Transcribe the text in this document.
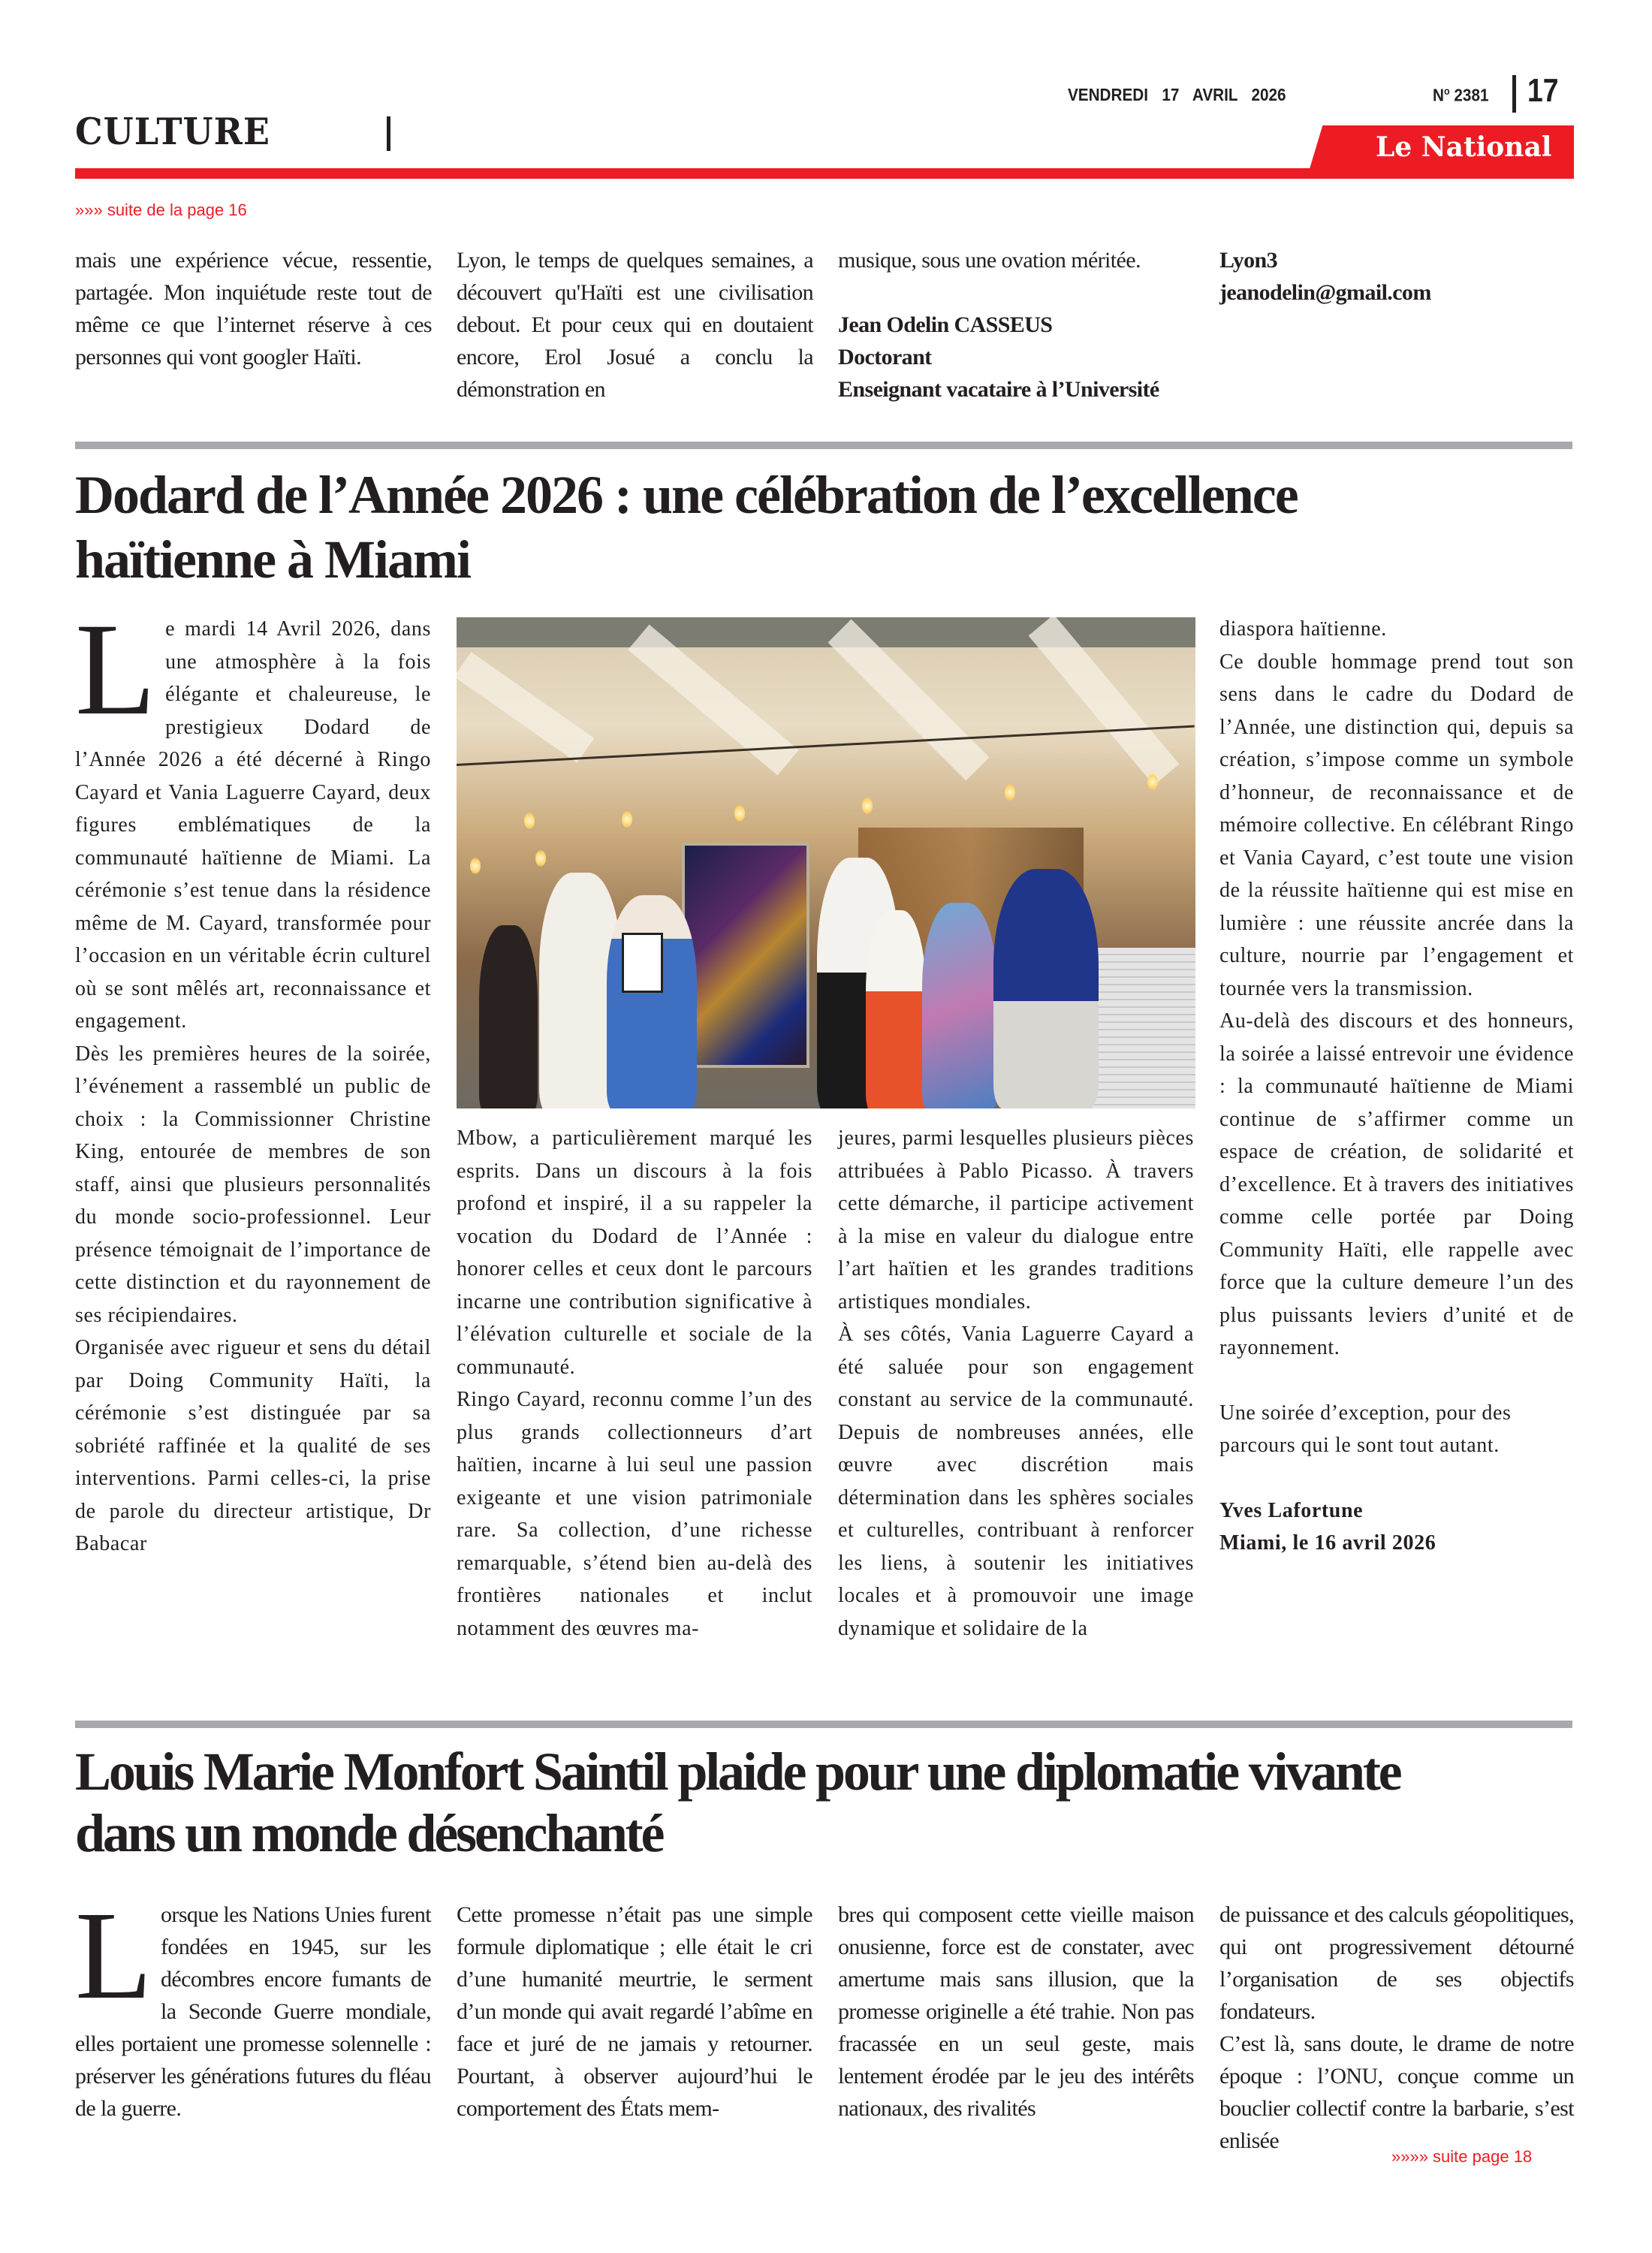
CULTURE
VENDREDI 17 AVRIL 2026	$N^o$ 2381 17
Le National
»»» suite de la page 16
mais une expérience vécue, ressentie, partagée. Mon inquiétude reste tout de même ce que l’internet réserve à ces personnes qui vont googler Haïti.
Lyon, le temps de quelques semaines, a découvert qu'Haïti est une civilisation debout. Et pour ceux qui en doutaient encore, Erol Josué a conclu la démonstration en

musique, sous une ovation méritée.

Jean Odelin CASSEUS

Doctorant

Enseignant vacataire à l’Université

Lyon3

jeanodelin@gmail.com

Dodard de l’Année 2026 : une célébration de l’excellence
haïtienne à Miami

Le mardi 14 Avril 2026, dans une atmosphère à la fois élégante et chaleureuse, le prestigieux Dodard de l’Année 2026 a été décerné à Ringo Cayard et Vania Laguerre Cayard, deux figures emblématiques de la communauté haïtienne de Miami. La cérémonie s’est tenue dans la résidence même de M. Cayard, transformée pour l’occasion en un véritable écrin culturel où se sont mêlés art, reconnaissance et engagement.

Dès les premières heures de la soirée, l’événement a rassemblé un public de choix : la Commissionner Christine King, entourée de membres de son staff, ainsi que plusieurs personnalités du monde socio-professionnel. Leur présence témoignait de l’importance de cette distinction et du rayonnement de ses récipiendaires.

Organisée avec rigueur et sens du détail par Doing Community Haïti, la cérémonie s’est distinguée par sa sobriété raffinée et la qualité de ses interventions. Parmi celles-ci, la prise de parole du directeur artistique, Dr Babacar

Mbow, a particulièrement marqué les esprits. Dans un discours à la fois profond et inspiré, il a su rappeler la vocation du Dodard de l’Année : honorer celles et ceux dont le parcours incarne une contribution significative à l’élévation culturelle et sociale de la communauté.

Ringo Cayard, reconnu comme l’un des plus grands collectionneurs d’art haïtien, incarne à lui seul une passion exigeante et une vision patrimoniale rare. Sa collection, d’une richesse remarquable, s’étend bien au-delà des frontières nationales et inclut notamment des œuvres ma-

jeures, parmi lesquelles plusieurs pièces attribuées à Pablo Picasso. À travers cette démarche, il participe activement à la mise en valeur du dialogue entre l’art haïtien et les grandes traditions artistiques mondiales.

À ses côtés, Vania Laguerre Cayard a été saluée pour son engagement constant au service de la communauté. Depuis de nombreuses années, elle œuvre avec discrétion mais détermination dans les sphères sociales et culturelles, contribuant à renforcer les liens, à soutenir les initiatives locales et à promouvoir une image dynamique et solidaire de la

diaspora haïtienne.

Ce double hommage prend tout son sens dans le cadre du Dodard de l’Année, une distinction qui, depuis sa création, s’impose comme un symbole d’honneur, de reconnaissance et de mémoire collective. En célébrant Ringo et Vania Cayard, c’est toute une vision de la réussite haïtienne qui est mise en lumière : une réussite ancrée dans la culture, nourrie par l’engagement et tournée vers la transmission.

Au-delà des discours et des honneurs, la soirée a laissé entrevoir une évidence : la communauté haïtienne de Miami continue de s’affirmer comme un espace de création, de solidarité et d’excellence. Et à travers des initiatives comme celle portée par Doing Community Haïti, elle rappelle avec force que la culture demeure l’un des plus puissants leviers d’unité et de rayonnement.

Une soirée d’exception, pour des parcours qui le sont tout autant.

Yves Lafortune

Miami, le 16 avril 2026

Louis Marie Monfort Saintil plaide pour une diplomatie vivante
dans un monde désenchanté

Lorsque les Nations Unies furent fondées en 1945, sur les décombres encore fumants de la Seconde Guerre mondiale, elles portaient une promesse solennelle : préserver les générations futures du fléau de la guerre.

Cette promesse n’était pas une simple formule diplomatique ; elle était le cri d’une humanité meurtrie, le serment d’un monde qui avait regardé l’abîme en face et juré de ne jamais y retourner. Pourtant, à observer aujourd’hui le comportement des États mem-
bres qui composent cette vieille maison onusienne, force est de constater, avec amertume mais sans illusion, que la promesse originelle a été trahie. Non pas fracassée en un seul geste, mais lentement érodée par le jeu des intérêts nationaux, des rivalités

de puissance et des calculs géopolitiques, qui ont progressivement détourné l’organisation de ses objectifs fondateurs.

C’est là, sans doute, le drame de notre époque : l’ONU, conçue comme un bouclier collectif contre la barbarie, s’est enlisée

»»»» suite page 18
